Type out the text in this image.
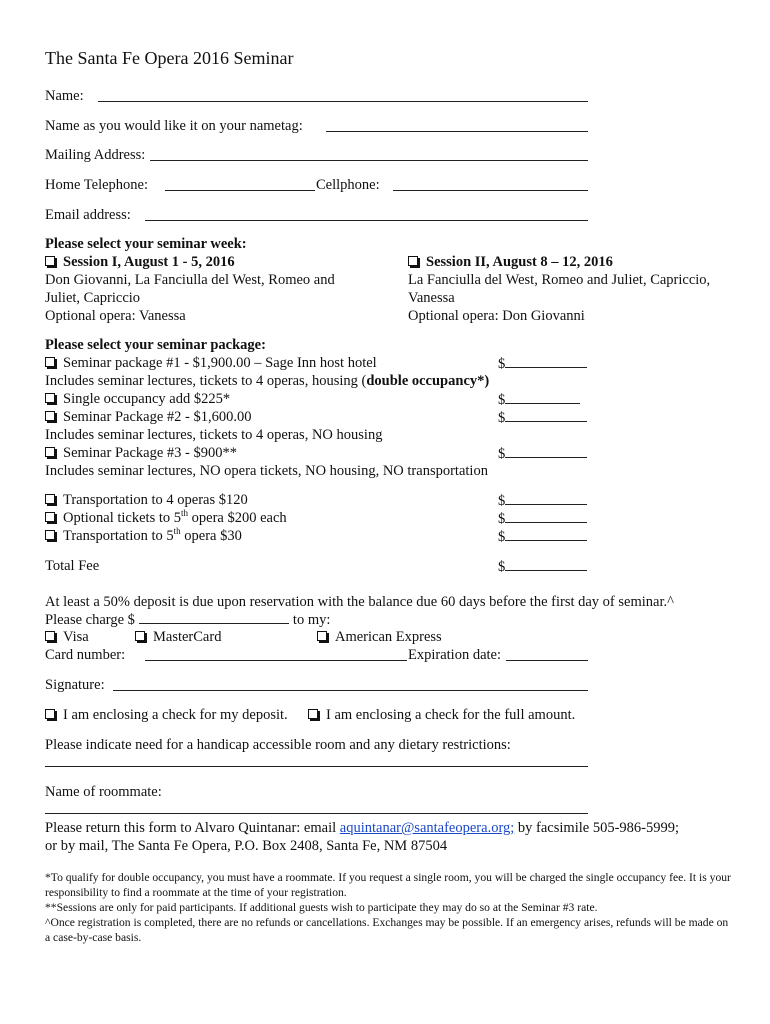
The Santa Fe Opera 2016 Seminar
Name:
Name as you would like it on your nametag:
Mailing Address:
Home Telephone:	Cellphone:
Email address:
Please select your seminar week:
Session I, August 1 - 5, 2016
Don Giovanni, La Fanciulla del West, Romeo and
Juliet, Capriccio
Optional opera: Vanessa
Session II, August 8 – 12, 2016
La Fanciulla del West, Romeo and Juliet, Capriccio,
Vanessa
Optional opera: Don Giovanni
Please select your seminar package:
Seminar package #1 - $1,900.00 – Sage Inn host hotel	$
Includes seminar lectures, tickets to 4 operas, housing (double occupancy*)
Single occupancy add $225*	$
Seminar Package #2 - $1,600.00	$
Includes seminar lectures, tickets to 4 operas, NO housing
Seminar Package #3 - $900**	$
Includes seminar lectures, NO opera tickets, NO housing, NO transportation
Transportation to 4 operas $120	$
Optional tickets to 5th opera $200 each	$
Transportation to 5th opera $30	$
Total Fee	$
At least a 50% deposit is due upon reservation with the balance due 60 days before the first day of seminar.^
Please charge $	to my:
Visa	MasterCard	American Express
Card number:	Expiration date:
Signature:
I am enclosing a check for my deposit.	I am enclosing a check for the full amount.
Please indicate need for a handicap accessible room and any dietary restrictions:
Name of roommate:
Please return this form to Alvaro Quintanar: email aquintanar@santafeopera.org; by facsimile 505-986-5999;
or by mail, The Santa Fe Opera, P.O. Box 2408, Santa Fe, NM 87504
*To qualify for double occupancy, you must have a roommate. If you request a single room, you will be charged the single occupancy fee. It is your responsibility to find a roommate at the time of your registration.
**Sessions are only for paid participants. If additional guests wish to participate they may do so at the Seminar #3 rate.
^Once registration is completed, there are no refunds or cancellations. Exchanges may be possible. If an emergency arises, refunds will be made on a case-by-case basis.
